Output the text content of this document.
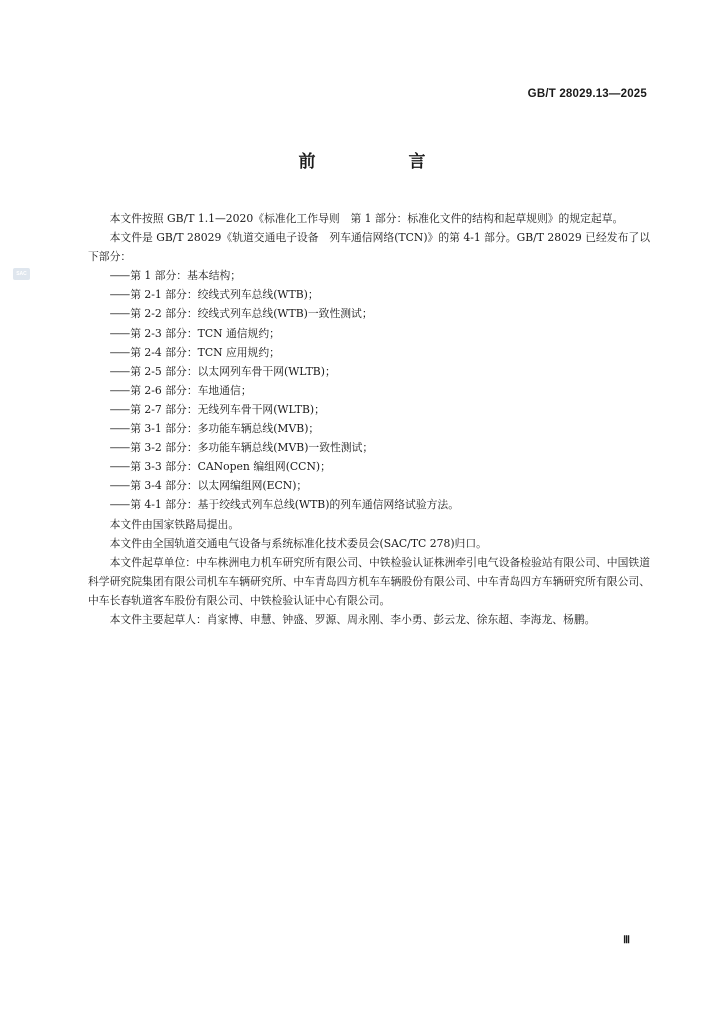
GB/T 28029.13—2025
前　言
SAC

本文件按照 GB/T 1.1—2020《标准化工作导则　第 1 部分：标准化文件的结构和起草规则》的规定起草。

本文件是 GB/T 28029《轨道交通电子设备　列车通信网络(TCN)》的第 4-1 部分。GB/T 28029 已经发布了以下部分：

——第 1 部分：基本结构；

——第 2-1 部分：绞线式列车总线(WTB)；

——第 2-2 部分：绞线式列车总线(WTB)一致性测试；

——第 2-3 部分：TCN 通信规约；

——第 2-4 部分：TCN 应用规约；

——第 2-5 部分：以太网列车骨干网(WLTB)；

——第 2-6 部分：车地通信；

——第 2-7 部分：无线列车骨干网(WLTB)；

——第 3-1 部分：多功能车辆总线(MVB)；

——第 3-2 部分：多功能车辆总线(MVB)一致性测试；

——第 3-3 部分：CANopen 编组网(CCN)；

——第 3-4 部分：以太网编组网(ECN)；

——第 4-1 部分：基于绞线式列车总线(WTB)的列车通信网络试验方法。

本文件由国家铁路局提出。

本文件由全国轨道交通电气设备与系统标准化技术委员会(SAC/TC 278)归口。

本文件起草单位：中车株洲电力机车研究所有限公司、中铁检验认证株洲牵引电气设备检验站有限公司、中国铁道科学研究院集团有限公司机车车辆研究所、中车青岛四方机车车辆股份有限公司、中车青岛四方车辆研究所有限公司、中车长春轨道客车股份有限公司、中铁检验认证中心有限公司。

本文件主要起草人：肖家博、申慧、钟盛、罗源、周永刚、李小勇、彭云龙、徐东超、李海龙、杨鹏。

Ⅲ
